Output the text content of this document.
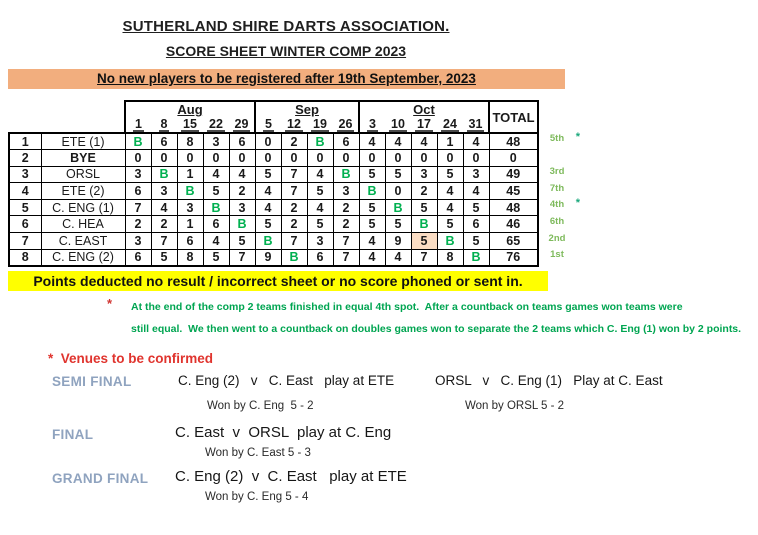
SUTHERLAND SHIRE DARTS ASSOCIATION.
SCORE SHEET WINTER COMP 2023
No new players to be registered after 19th September, 2023
		Aug					Sep				Oct					TOTAL
		1	8	15	22	29	5	12	19	26	3	10	17	24	31	
1	ETE (1)	B	6	8	3	6	0	2	B	6	4	4	4	1	4	48
2	BYE	0	0	0	0	0	0	0	0	0	0	0	0	0	0	0
3	ORSL	3	B	1	4	4	5	7	4	B	5	5	3	5	3	49
4	ETE (2)	6	3	B	5	2	4	7	5	3	B	0	2	4	4	45
5	C. ENG (1)	7	4	3	B	3	4	2	4	2	5	B	5	4	5	48
6	C. HEA	2	2	1	6	B	5	2	5	2	5	5	B	5	6	46
7	C. EAST	3	7	6	4	5	B	7	3	7	4	9	5	B	5	65
8	C. ENG (2)	6	5	8	5	7	9	B	6	7	4	4	7	8	B	76
5th *
3rd
7th
4th *
6th
2nd
1st
Points deducted no result / incorrect sheet or no score phoned or sent in.
* At the end of the comp 2 teams finished in equal 4th spot.  After a countback on teams games won teams were
still equal.  We then went to a countback on doubles games won to separate the 2 teams which C. Eng (1) won by 2 points.
*  Venues to be confirmed
SEMI FINAL	C. Eng (2)   v   C. East   play at ETE
Won by C. Eng  5 - 2
ORSL   v   C. Eng (1)   Play at C. East
Won by ORSL 5 - 2
FINAL	C. East  v  ORSL  play at C. Eng
Won by C. East 5 - 3
GRAND FINAL C. Eng (2)  v  C. East   play at ETE
Won by C. Eng 5 - 4
